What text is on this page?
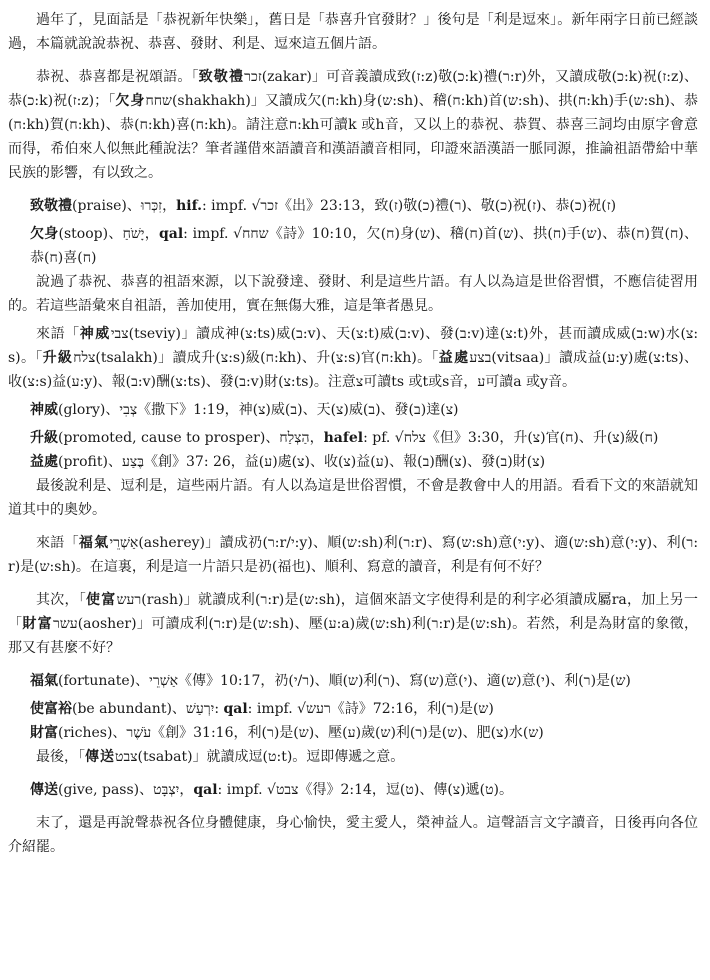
過年了，見面話是「恭祝新年快樂」，舊日是「恭喜升官發財？」後句是「利是逗來」。新年兩字日前已經談過，本篇就說說恭祝、恭喜、發財、利是、逗來這五個片語。

恭祝、恭喜都是祝頌語。「致敬禮זכר(zakar)」可音義讀成致(ז:z)敬(כ:k)禮(ר:r)外，又讀成敬(כ:k)祝(ז:z)、恭(כ:k)祝(ז:z)；「欠身שחח(shakhakh)」又讀成欠(ח:kh)身(ש:sh)、稽(ח:kh)首(ש:sh)、拱(ח:kh)手(ש:sh)、恭(ח:kh)賀(ח:kh)、恭(ח:kh)喜(ח:kh)。請注意ח:kh可讀k 或h音，又以上的恭祝、恭賀、恭喜三詞均由原字會意而得，希伯來人似無此種說法？筆者謹借來語讀音和漢語讀音相同，印證來語漢語一脈同源，推論祖語帶給中華民族的影響，有以致之。

致敬禮(praise)、זִכְּרוּ，hif.: impf. √זכר《出》23:13，致(ז)敬(כ)禮(ר)、敬(כ)祝(ז)、恭(כ)祝(ז)

欠身(stoop)、יָשֹׁחַ，qal: impf. √שחח《詩》10:10，欠(ח)身(ש)、稽(ח)首(ש)、拱(ח)手(ש)、恭(ח)賀(ח)、恭(ח)喜(ח)

說過了恭祝、恭喜的祖語來源，以下說發達、發財、利是這些片語。有人以為這是世俗習慣，不應信徒習用的。若這些語彙來自祖語，善加使用，實在無傷大雅，這是筆者愚見。

來語「神威צבי(tseviy)」讀成神(צ:ts)威(ב:v)、天(צ:t)威(ב:v)、發(ב:v)達(צ:t)外，甚而讀成威(ב:w)水(צ:s)。「升級צלח(tsalakh)」讀成升(צ:s)級(ח:kh)、升(צ:s)官(ח:kh)。「益處בצע(vitsaa)」讀成益(ע:y)處(צ:ts)、收(צ:s)益(ע:y)、報(ב:v)酬(צ:ts)、發(ב:v)財(צ:ts)。注意צ可讀ts 或t或s音，ע可讀a 或y音。

神威(glory)、צְבִי《撒下》1:19，神(צ)威(ב)、天(צ)威(ב)、發(ב)達(צ)

升級(promoted, cause to prosper)、הַצְלַח，hafel: pf. √צלח《但》3:30，升(צ)官(ח)、升(צ)級(ח)

益處(profit)、בֶּצַע《創》37: 26，益(ע)處(צ)、收(צ)益(ע)、報(ב)酬(צ)、發(ב)財(צ)

最後說利是、逗利是，這些兩片語。有人以為這是世俗習慣，不會是教會中人的用語。看看下文的來語就知道其中的奧妙。

來語「福氣אַשְׁרֵי(asherey)」讀成礽(ר:r/י:y)、順(ש:sh)利(ר:r)、寫(ש:sh)意(י:y)、適(ש:sh)意(י:y)、利(ר:r)是(ש:sh)。在這裏，利是這一片語只是礽(福也)、順利、寫意的讀音，利是有何不好？

其次，「使富רעש(rash)」就讀成利(ר:r)是(ש:sh)，這個來語文字使得利是的利字必須讀成屬ra，加上另一「財富עשר(aosher)」可讀成利(ר:r)是(ש:sh)、壓(ע:a)歲(ש:sh)利(ר:r)是(ש:sh)。若然，利是為財富的象徵，那又有甚麼不好？

福氣(fortunate)、אַשְׁרֵי《傳》10:17，礽(ר/י)、順(ש)利(ר)、寫(ש)意(י)、適(ש)意(י)、利(ר)是(ש)

使富裕(be abundant)、יִרְעַשׁ: qal: impf. √רעש《詩》72:16，利(ר)是(ש)

財富(riches)、עֹשֶׁר《創》31:16，利(ר)是(ש)、壓(ע)歲(ש)利(ר)是(ש)、肥(צ)水(ש)

最後，「傳送צבט(tsabat)」就讀成逗(ט:t)。逗即傳遞之意。

傳送(give, pass)、יִצְבָּט，qal: impf. √צבט《得》2:14，逗(ט)、傳(צ)遞(ט)。

末了，還是再說聲恭祝各位身體健康，身心愉快，愛主愛人，榮神益人。這聲語言文字讀音，日後再向各位介紹罷。
